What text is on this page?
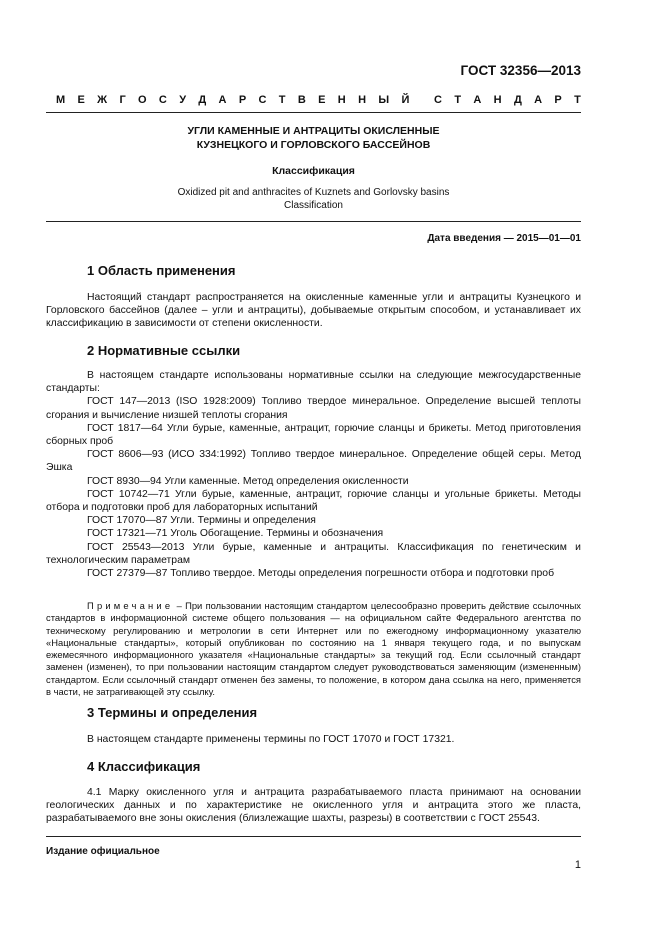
ГОСТ 32356—2013
М Е Ж Г О С У Д А Р С Т В Е Н Н Ы Й С Т А Н Д А Р Т
УГЛИ КАМЕННЫЕ И АНТРАЦИТЫ ОКИСЛЕННЫЕ
КУЗНЕЦКОГО И ГОРЛОВСКОГО БАССЕЙНОВ
Классификация
Oxidized pit and anthracites of Kuznets and Gorlovsky basins
Classification
Дата введения — 2015—01—01
1 Область применения

Настоящий стандарт распространяется на окисленные каменные угли и антрациты Кузнецкого и Горловского бассейнов (далее – угли и антрациты), добываемые открытым способом, и устанавливает их классификацию в зависимости от степени окисленности.

2 Нормативные ссылки

В настоящем стандарте использованы нормативные ссылки на следующие межгосударственные стандарты:

ГОСТ 147—2013 (ISO 1928:2009) Топливо твердое минеральное. Определение высшей теплоты сгорания и вычисление низшей теплоты сгорания

ГОСТ 1817—64 Угли бурые, каменные, антрацит, горючие сланцы и брикеты. Метод приготовления сборных проб

ГОСТ 8606—93 (ИСО 334:1992) Топливо твердое минеральное. Определение общей серы. Метод Эшка

ГОСТ 8930—94 Угли каменные. Метод определения окисленности

ГОСТ 10742—71 Угли бурые, каменные, антрацит, горючие сланцы и угольные брикеты. Методы отбора и подготовки проб для лабораторных испытаний

ГОСТ 17070—87 Угли. Термины и определения

ГОСТ 17321—71 Уголь Обогащение. Термины и обозначения

ГОСТ 25543—2013 Угли бурые, каменные и антрациты. Классификация по генетическим и технологическим параметрам

ГОСТ 27379—87 Топливо твердое. Методы определения погрешности отбора и подготовки проб

Примечание – При пользовании настоящим стандартом целесообразно проверить действие ссылочных стандартов в информационной системе общего пользования — на официальном сайте Федерального агентства по техническому регулированию и метрологии в сети Интернет или по ежегодному информационному указателю «Национальные стандарты», который опубликован по состоянию на 1 января текущего года, и по выпускам ежемесячного информационного указателя «Национальные стандарты» за текущий год. Если ссылочный стандарт заменен (изменен), то при пользовании настоящим стандартом следует руководствоваться заменяющим (измененным) стандартом. Если ссылочный стандарт отменен без замены, то положение, в котором дана ссылка на него, применяется в части, не затрагивающей эту ссылку.
3 Термины и определения

В настоящем стандарте применены термины по ГОСТ 17070 и ГОСТ 17321.

4 Классификация

4.1 Марку окисленного угля и антрацита разрабатываемого пласта принимают на основании геологических данных и по характеристике не окисленного угля и антрацита этого же пласта, разрабатываемого вне зоны окисления (близлежащие шахты, разрезы) в соответствии с ГОСТ 25543.

Издание официальное
1
